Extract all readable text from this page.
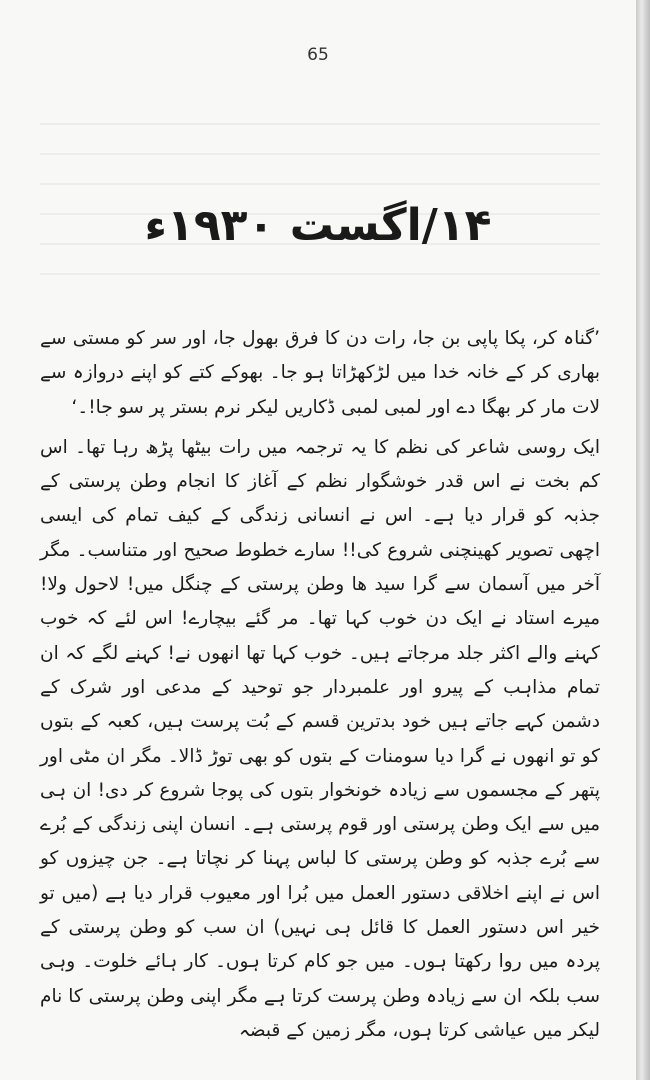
65
۱۴/اگست ۱۹۳۰ء

’گناہ کر، پکا پاپی بن جا، رات دن کا فرق بھول جا، اور سر کو مستی سے بھاری کر کے خانہ خدا میں لڑکھڑاتا ہو جا۔ بھوکے کتے کو اپنے دروازہ سے لات مار کر بھگا دے اور لمبی لمبی ڈکاریں لیکر نرم بستر پر سو جا!۔‘

ایک روسی شاعر کی نظم کا یہ ترجمہ میں رات بیٹھا پڑھ رہا تھا۔ اس کم بخت نے اس قدر خوشگوار نظم کے آغاز کا انجام وطن پرستی کے جذبہ کو قرار دیا ہے۔ اس نے انسانی زندگی کے کیف تمام کی ایسی اچھی تصویر کھینچنی شروع کی!! سارے خطوط صحیح اور متناسب۔ مگر آخر میں آسمان سے گرا سید ھا وطن پرستی کے چنگل میں! لاحول ولا! میرے استاد نے ایک دن خوب کہا تھا۔ مر گئے بیچارے! اس لئے کہ خوب کہنے والے اکثر جلد مرجاتے ہیں۔ خوب کہا تھا انھوں نے! کہنے لگے کہ ان تمام مذاہب کے پیرو اور علمبردار جو توحید کے مدعی اور شرک کے دشمن کہے جاتے ہیں خود بدترین قسم کے بُت پرست ہیں، کعبہ کے بتوں کو تو انھوں نے گرا دیا سومنات کے بتوں کو بھی توڑ ڈالا۔ مگر ان مٹی اور پتھر کے مجسموں سے زیادہ خونخوار بتوں کی پوجا شروع کر دی! ان ہی میں سے ایک وطن پرستی اور قوم پرستی ہے۔ انسان اپنی زندگی کے بُرے سے بُرے جذبہ کو وطن پرستی کا لباس پہنا کر نچاتا ہے۔ جن چیزوں کو اس نے اپنے اخلاقی دستور العمل میں بُرا اور معیوب قرار دیا ہے (میں تو خیر اس دستور العمل کا قائل ہی نہیں) ان سب کو وطن پرستی کے پردہ میں روا رکھتا ہوں۔ میں جو کام کرتا ہوں۔ کار ہائے خلوت۔ وہی سب بلکہ ان سے زیادہ وطن پرست کرتا ہے مگر اپنی وطن پرستی کا نام لیکر میں عیاشی کرتا ہوں، مگر زمین کے قبضہ
